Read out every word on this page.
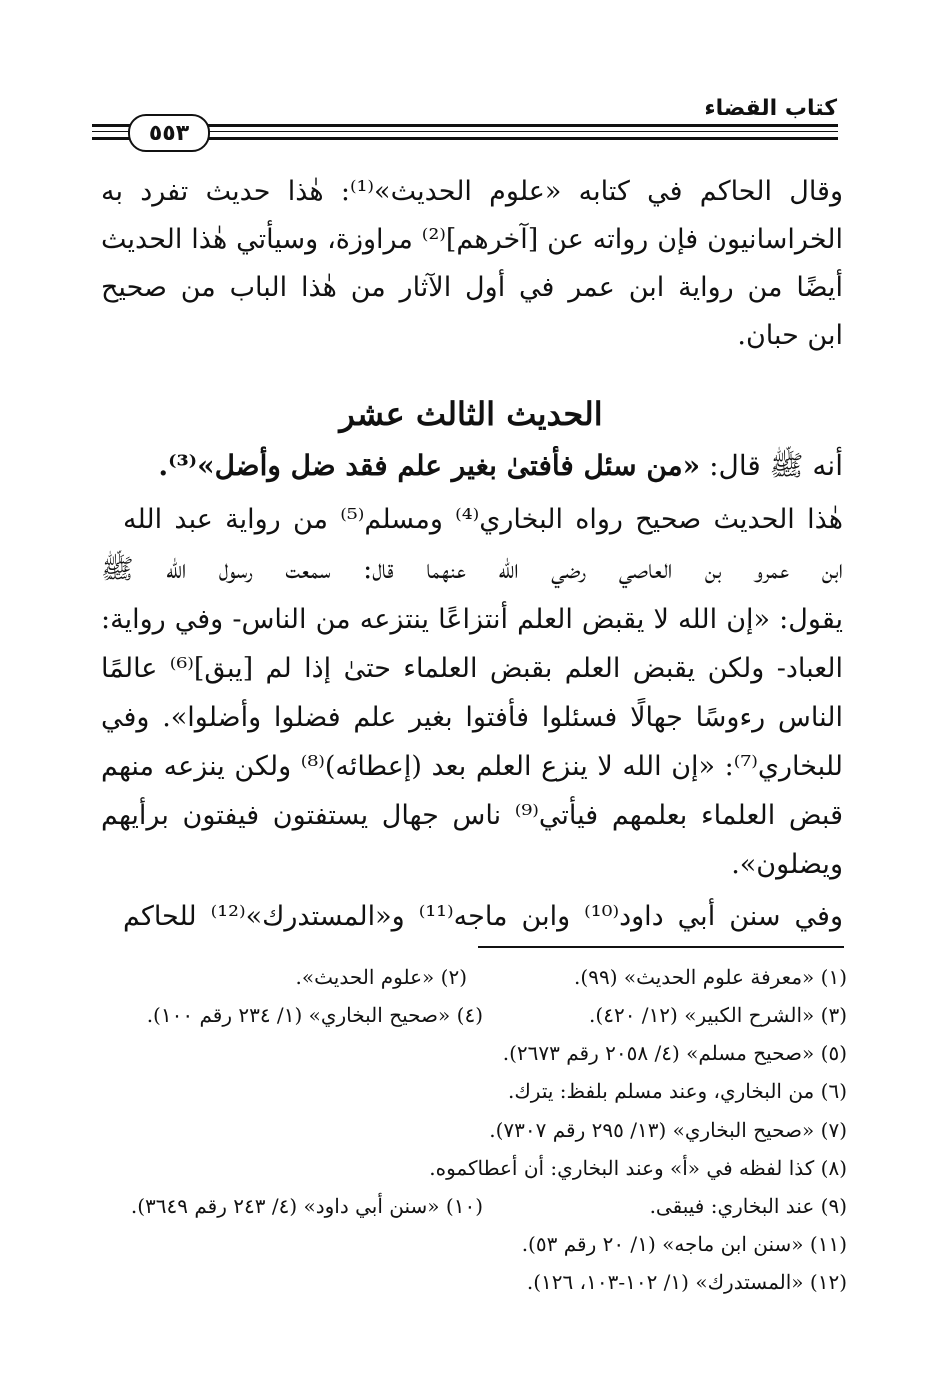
كتاب القضاء
٥٥٣
وقال الحاكم في كتابه «علوم الحديث»⁽¹⁾: هٰذا حديث تفرد به
الخراسانيون فإن رواته عن [آخرهم]⁽²⁾ مراوزة، وسيأتي هٰذا الحديث
أيضًا من رواية ابن عمر في أول الآثار من هٰذا الباب من صحيح
ابن حبان.
الحديث الثالث عشر
أنه ﷺ قال: «من سئل فأفتىٰ بغير علم فقد ضل وأضل»⁽³⁾.
هٰذا الحديث صحيح رواه البخاري⁽⁴⁾ ومسلم⁽⁵⁾ من رواية عبد الله
ابن عمرو بن العاصي رضي الله عنهما قال: سمعت رسول الله ﷺ
يقول: «إن الله لا يقبض العلم أنتزاعًا ينتزعه من الناس- وفي رواية:
العباد- ولكن يقبض العلم بقبض العلماء حتىٰ إذا لم [يبق]⁽⁶⁾ عالمًا
الناس رءوسًا جهالًا فسئلوا فأفتوا بغير علم فضلوا وأضلوا». وفي
للبخاري⁽⁷⁾: «إن الله لا ينزع العلم بعد (إعطائه)⁽⁸⁾ ولكن ينزعه منهم
قبض العلماء بعلمهم فيأتي⁽⁹⁾ ناس جهال يستفتون فيفتون برأيهم
ويضلون».
وفي سنن أبي داود⁽¹⁰⁾ وابن ماجه⁽¹¹⁾ و«المستدرك»⁽¹²⁾ للحاكم
(١) «معرفة علوم الحديث» (٩٩).
(٢) «علوم الحديث».
(٣) «الشرح الكبير» (١٢/ ٤٢٠).
(٤) «صحيح البخاري» (١/ ٢٣٤ رقم ١٠٠).
(٥) «صحيح مسلم» (٤/ ٢٠٥٨ رقم ٢٦٧٣).
(٦) من البخاري، وعند مسلم بلفظ: يترك.
(٧) «صحيح البخاري» (١٣/ ٢٩٥ رقم ٧٣٠٧).
(٨) كذا لفظه في «أ» وعند البخاري: أن أعطاكموه.
(٩) عند البخاري: فيبقى.
(١٠) «سنن أبي داود» (٤/ ٢٤٣ رقم ٣٦٤٩).
(١١) «سنن ابن ماجه» (١/ ٢٠ رقم ٥٣).
(١٢) «المستدرك» (١/ ١٠٢-١٠٣، ١٢٦).
